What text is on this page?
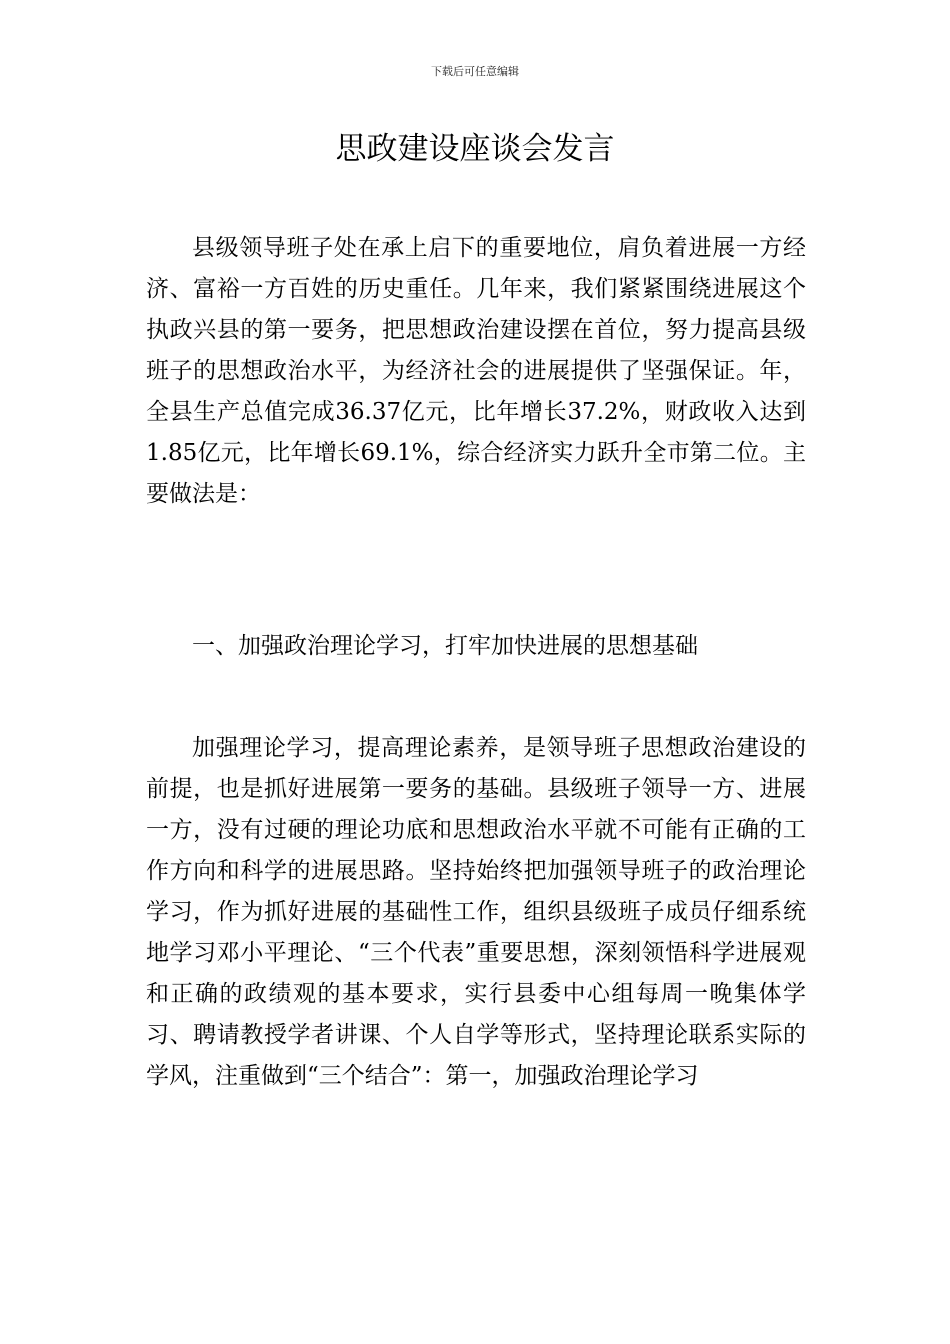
下载后可任意编辑
思政建设座谈会发言

县级领导班子处在承上启下的重要地位，肩负着进展一方经济、富裕一方百姓的历史重任。几年来，我们紧紧围绕进展这个执政兴县的第一要务，把思想政治建设摆在首位，努力提高县级班子的思想政治水平，为经济社会的进展提供了坚强保证。年，全县生产总值完成36.37亿元，比年增长37.2%，财政收入达到1.85亿元，比年增长69.1%，综合经济实力跃升全市第二位。主要做法是：

一、加强政治理论学习，打牢加快进展的思想基础

加强理论学习，提高理论素养，是领导班子思想政治建设的前提，也是抓好进展第一要务的基础。县级班子领导一方、进展一方，没有过硬的理论功底和思想政治水平就不可能有正确的工作方向和科学的进展思路。坚持始终把加强领导班子的政治理论学习，作为抓好进展的基础性工作，组织县级班子成员仔细系统地学习邓小平理论、“三个代表”重要思想，深刻领悟科学进展观和正确的政绩观的基本要求，实行县委中心组每周一晚集体学习、聘请教授学者讲课、个人自学等形式，坚持理论联系实际的学风，注重做到“三个结合”：第一，加强政治理论学习
